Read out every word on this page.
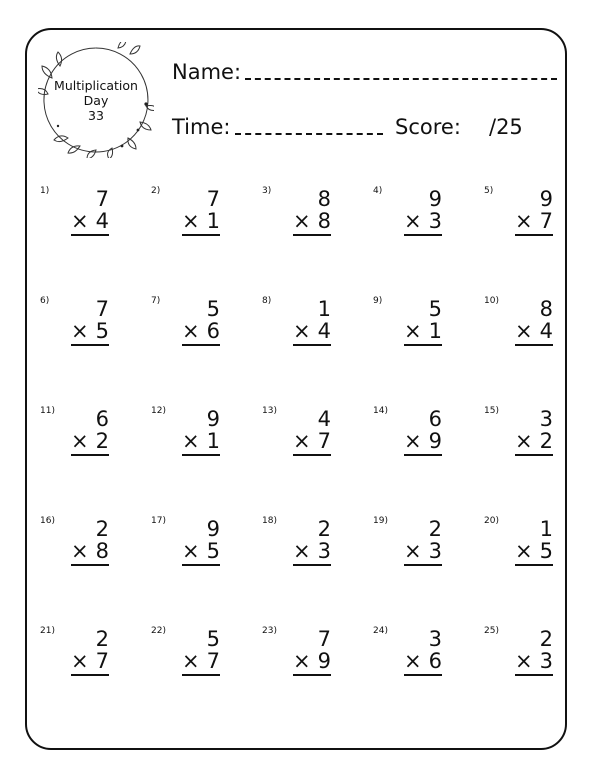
Multiplication
Day
33
Name:
Time:	Score: /25
1) 7
× 4
2) 7
× 1
3) 8
× 8
4) 9
× 3
5) 9
× 7
6) 7
× 5
7) 5
× 6
8) 1
× 4
9) 5
× 1
10) 8
× 4
11) 6
× 2
12) 9
× 1
13) 4
× 7
14) 6
× 9
15) 3
× 2
16) 2
× 8
17) 9
× 5
18) 2
× 3
19) 2
× 3
20) 1
× 5
21) 2
× 7
22) 5
× 7
23) 7
× 9
24) 3
× 6
25) 2
× 3
